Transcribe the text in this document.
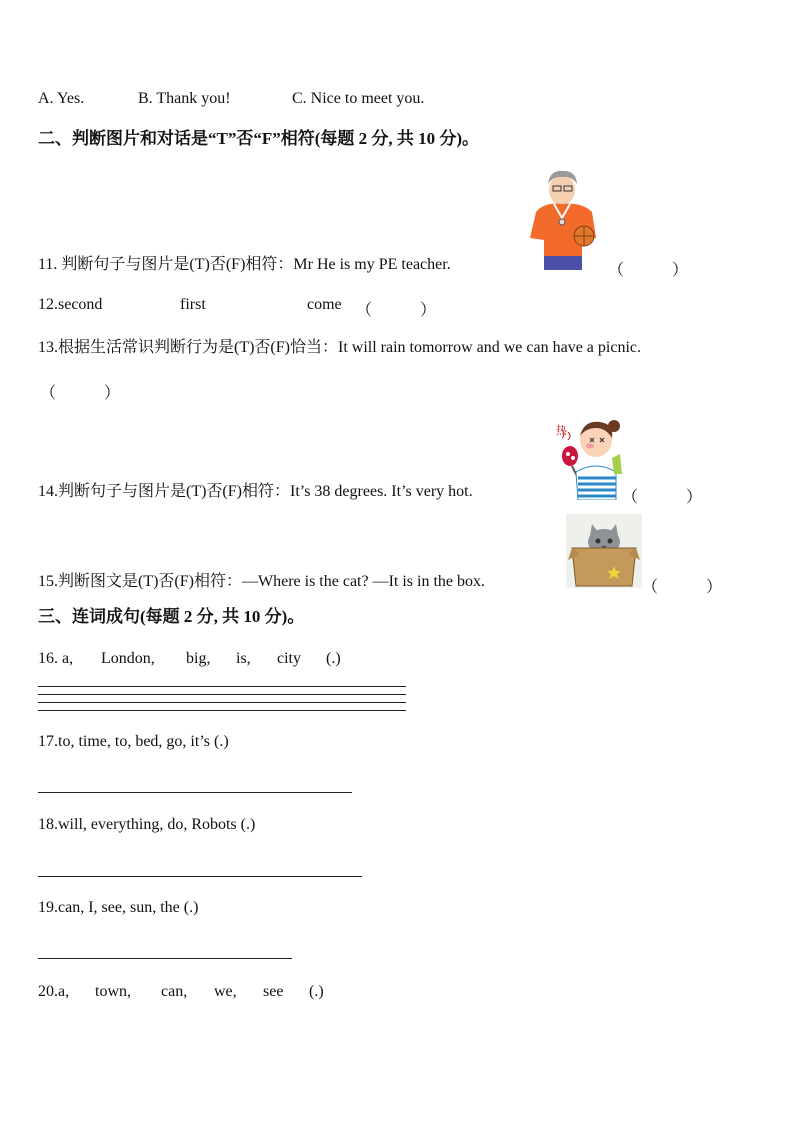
A. Yes.	B. Thank you!	C. Nice to meet you.
二、判断图片和对话是“T”否“F”相符(每题 2 分, 共 10 分)。
11. 判断句子与图片是(T)否(F)相符：Mr He is my PE teacher.	（　　　）
12.second	first	come （　　　）
13.根据生活常识判断行为是(T)否(F)恰当：It will rain tomorrow and we can have a picnic.
（　　　）
热
14.判断句子与图片是(T)否(F)相符：It’s 38 degrees. It’s very hot.	（　　　）
15.判断图文是(T)否(F)相符：—Where is the cat? —It is in the box.	（　　　）
三、连词成句(每题 2 分, 共 10 分)。
16. a, London, big, is, city (.)
17.to, time, to, bed, go, it’s (.)
18.will, everything, do, Robots (.)
19.can, I, see, sun, the (.)
20.a, town, can, we, see (.)
